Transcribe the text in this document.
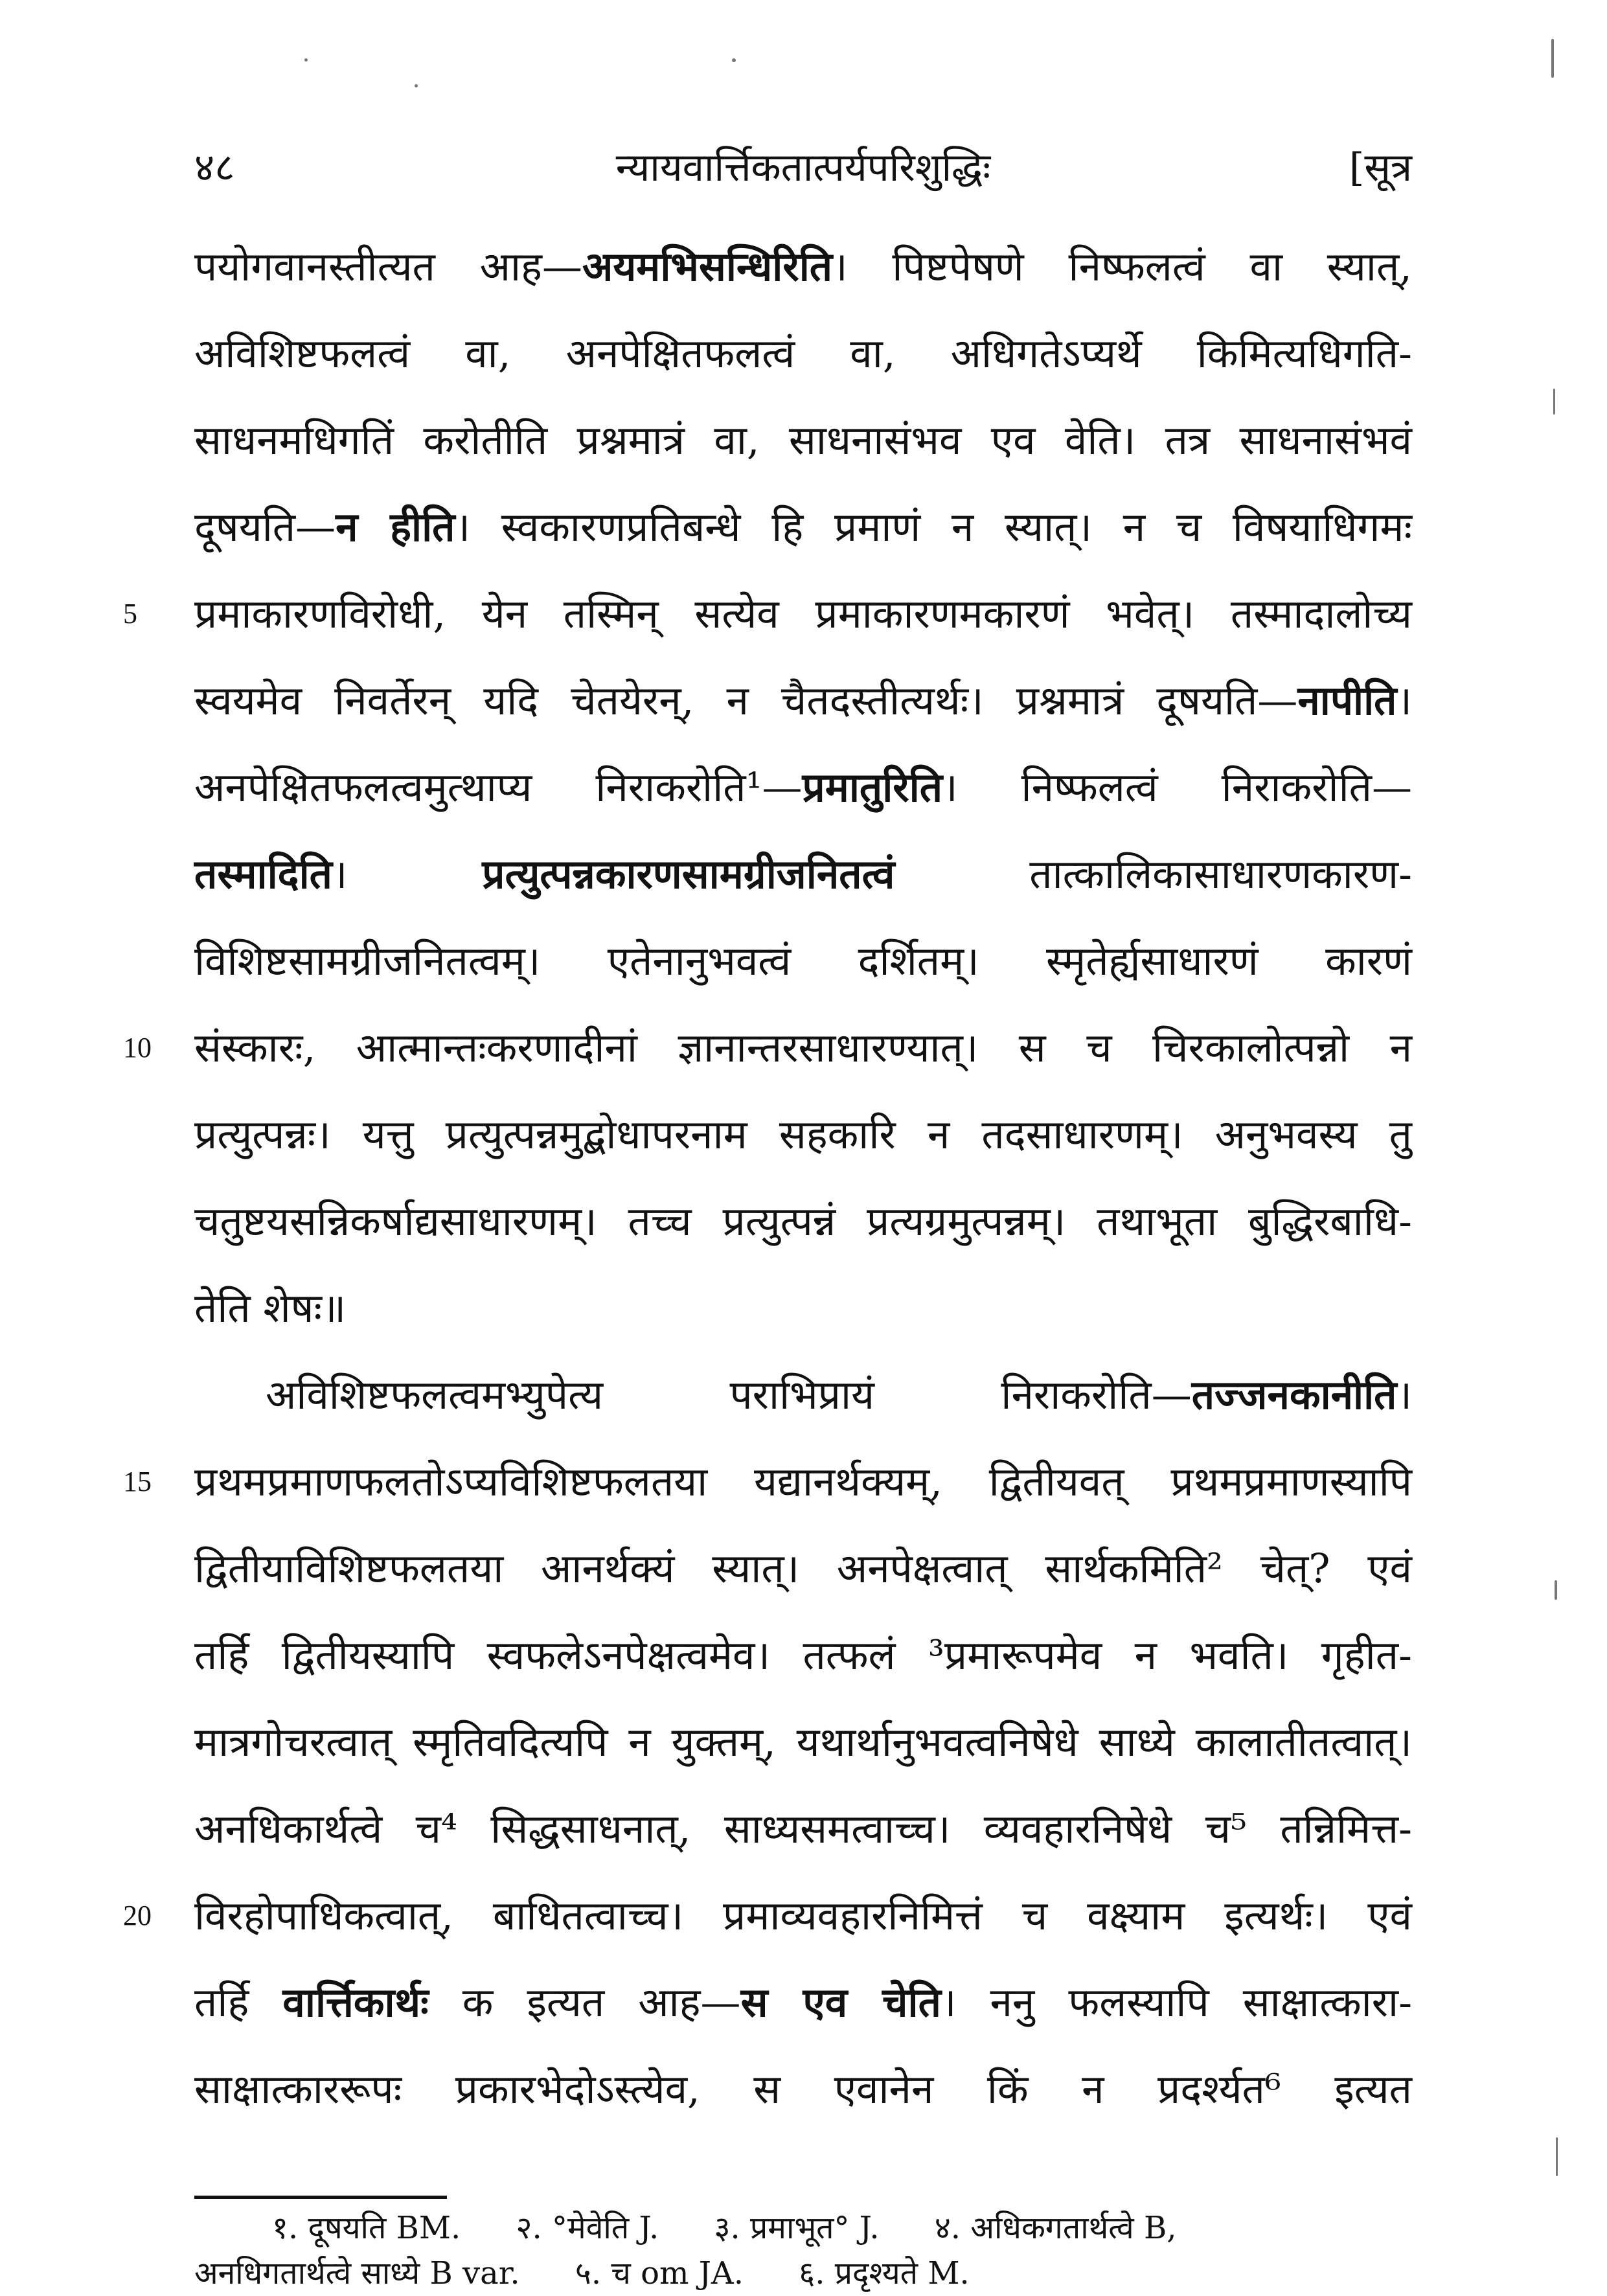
४८	न्यायवार्त्तिकतात्पर्यपरिशुद्धिः	[सूत्र
पयोगवानस्तीत्यत आह—अयमभिसन्धिरिति। पिष्टपेषणे निष्फलत्वं वा स्यात्,
अविशिष्टफलत्वं वा, अनपेक्षितफलत्वं वा, अधिगतेऽप्यर्थे किमित्यधिगति-
साधनमधिगतिं करोतीति प्रश्नमात्रं वा, साधनासंभव एव वेति। तत्र साधनासंभवं
दूषयति—न हीति। स्वकारणप्रतिबन्धे हि प्रमाणं न स्यात्। न च विषयाधिगमः
5 प्रमाकारणविरोधी, येन तस्मिन् सत्येव प्रमाकारणमकारणं भवेत्। तस्मादालोच्य
स्वयमेव निवर्तेरन् यदि चेतयेरन्, न चैतदस्तीत्यर्थः। प्रश्नमात्रं दूषयति—नापीति।
अनपेक्षितफलत्वमुत्थाप्य निराकरोति¹—प्रमातुरिति। निष्फलत्वं निराकरोति—
तस्मादिति। प्रत्युत्पन्नकारणसामग्रीजनितत्वं तात्कालिकासाधारणकारण-
विशिष्टसामग्रीजनितत्वम्। एतेनानुभवत्वं दर्शितम्। स्मृतेर्ह्यसाधारणं कारणं
10 संस्कारः, आत्मान्तःकरणादीनां ज्ञानान्तरसाधारण्यात्। स च चिरकालोत्पन्नो न
प्रत्युत्पन्नः। यत्तु प्रत्युत्पन्नमुद्बोधापरनाम सहकारि न तदसाधारणम्। अनुभवस्य तु
चतुष्टयसन्निकर्षाद्यसाधारणम्। तच्च प्रत्युत्पन्नं प्रत्यग्रमुत्पन्नम्। तथाभूता बुद्धिरबाधि-
तेति शेषः॥
अविशिष्टफलत्वमभ्युपेत्य पराभिप्रायं निराकरोति—तज्जनकानीति।
15 प्रथमप्रमाणफलतोऽप्यविशिष्टफलतया यद्यानर्थक्यम्, द्वितीयवत् प्रथमप्रमाणस्यापि
द्वितीयाविशिष्टफलतया आनर्थक्यं स्यात्। अनपेक्षत्वात् सार्थकमिति² चेत्? एवं
तर्हि द्वितीयस्यापि स्वफलेऽनपेक्षत्वमेव। तत्फलं ³प्रमारूपमेव न भवति। गृहीत-
मात्रगोचरत्वात् स्मृतिवदित्यपि न युक्तम्, यथार्थानुभवत्वनिषेधे साध्ये कालातीतत्वात्।
अनधिकार्थत्वे च⁴ सिद्धसाधनात्, साध्यसमत्वाच्च। व्यवहारनिषेधे च⁵ तन्निमित्त-
20 विरहोपाधिकत्वात्, बाधितत्वाच्च। प्रमाव्यवहारनिमित्तं च वक्ष्याम इत्यर्थः। एवं
तर्हि वार्त्तिकार्थः क इत्यत आह—स एव चेति। ननु फलस्यापि साक्षात्कारा-
साक्षात्काररूपः प्रकारभेदोऽस्त्येव, स एवानेन किं न प्रदर्श्यत⁶ इत्यत
१. दूषयति BM. २. °मेवेति J. ३. प्रमाभूत° J. ४. अधिकगतार्थत्वे B,
अनधिगतार्थत्वे साध्ये B var. ५. च om JA. ६. प्रदृश्यते M.
